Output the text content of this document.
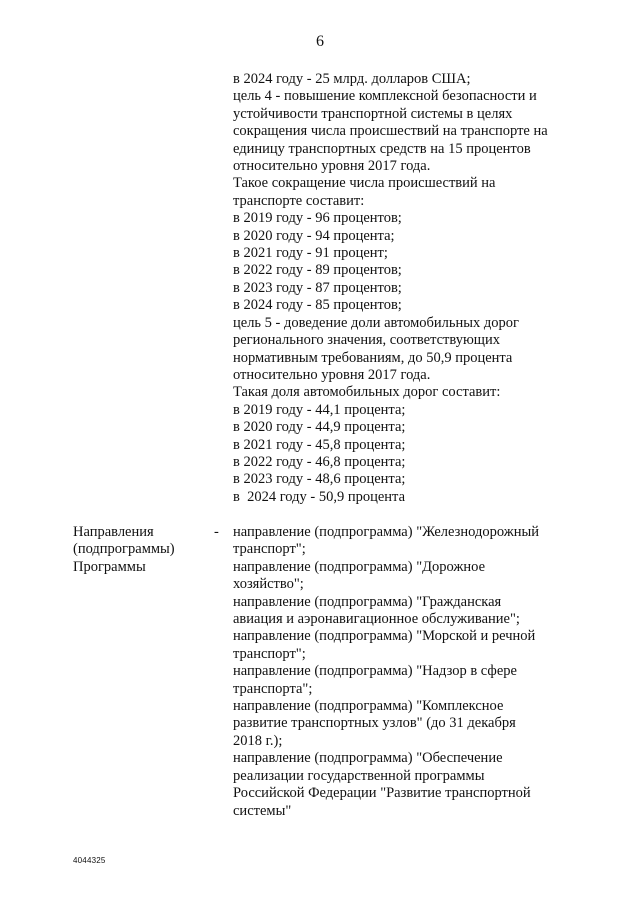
6
в 2024 году - 25 млрд. долларов США;
цель 4 - повышение комплексной безопасности и
устойчивости транспортной системы в целях
сокращения числа происшествий на транспорте на
единицу транспортных средств на 15 процентов
относительно уровня 2017 года.
Такое сокращение числа происшествий на
транспорте составит:
в 2019 году - 96 процентов;
в 2020 году - 94 процента;
в 2021 году - 91 процент;
в 2022 году - 89 процентов;
в 2023 году - 87 процентов;
в 2024 году - 85 процентов;
цель 5 - доведение доли автомобильных дорог
регионального значения, соответствующих
нормативным требованиям, до 50,9 процента
относительно уровня 2017 года.
Такая доля автомобильных дорог составит:
в 2019 году - 44,1 процента;
в 2020 году - 44,9 процента;
в 2021 году - 45,8 процента;
в 2022 году - 46,8 процента;
в 2023 году - 48,6 процента;
в  2024 году - 50,9 процента
Направления
(подпрограммы)
Программы
- направление (подпрограмма) "Железнодорожный
транспорт";
направление (подпрограмма) "Дорожное
хозяйство";
направление (подпрограмма) "Гражданская
авиация и аэронавигационное обслуживание";
направление (подпрограмма) "Морской и речной
транспорт";
направление (подпрограмма) "Надзор в сфере
транспорта";
направление (подпрограмма) "Комплексное
развитие транспортных узлов" (до 31 декабря
2018 г.);
направление (подпрограмма) "Обеспечение
реализации государственной программы
Российской Федерации "Развитие транспортной
системы"
4044325
